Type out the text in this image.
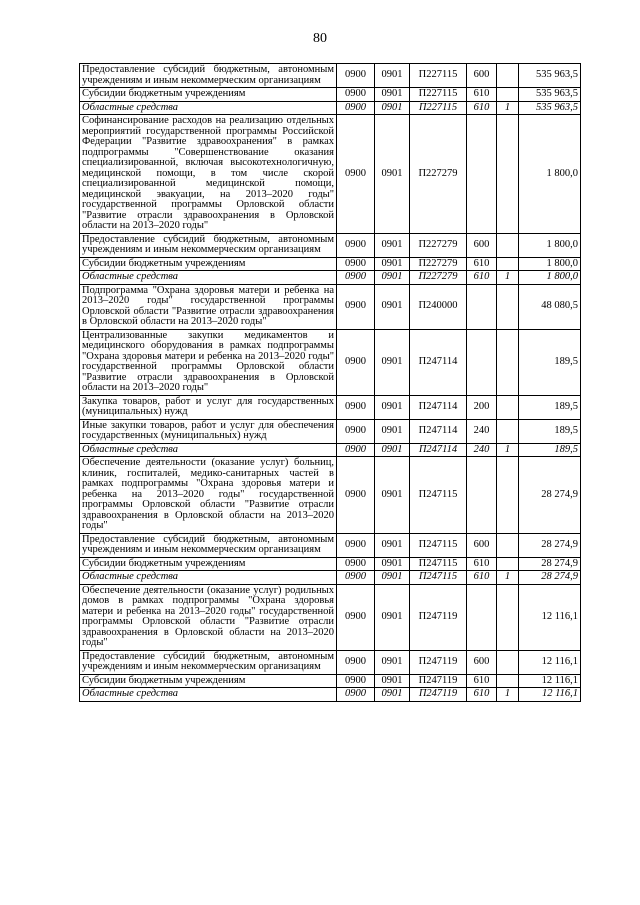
80
Предоставление субсидий бюджетным, автономным учреждениям и иным некоммерческим организациям	0900	0901	П227115	600		535 963,5
Субсидии бюджетным учреждениям	0900	0901	П227115	610		535 963,5
Областные средства	0900	0901	П227115	610	1	535 963,5
Софинансирование расходов на реализацию отдельных мероприятий государственной программы Российской Федерации "Развитие здравоохранения" в рамках подпрограммы "Совершенствование оказания специализированной, включая высокотехнологичную, медицинской помощи, в том числе скорой специализированной медицинской помощи, медицинской эвакуации, на 2013–2020 годы" государственной программы Орловской области "Развитие отрасли здравоохранения в Орловской области на 2013–2020 годы"	0900	0901	П227279			1 800,0
Предоставление субсидий бюджетным, автономным учреждениям и иным некоммерческим организациям	0900	0901	П227279	600		1 800,0
Субсидии бюджетным учреждениям	0900	0901	П227279	610		1 800,0
Областные средства	0900	0901	П227279	610	1	1 800,0
Подпрограмма "Охрана здоровья матери и ребенка на 2013–2020 годы" государственной программы Орловской области "Развитие отрасли здравоохранения в Орловской области на 2013–2020 годы"	0900	0901	П240000			48 080,5
Централизованные закупки медикаментов и медицинского оборудования в рамках подпрограммы "Охрана здоровья матери и ребенка на 2013–2020 годы" государственной программы Орловской области "Развитие отрасли здравоохранения в Орловской области на 2013–2020 годы"	0900	0901	П247114			189,5
Закупка товаров, работ и услуг для государственных (муниципальных) нужд	0900	0901	П247114	200		189,5
Иные закупки товаров, работ и услуг для обеспечения государственных (муниципальных) нужд	0900	0901	П247114	240		189,5
Областные средства	0900	0901	П247114	240	1	189,5
Обеспечение деятельности (оказание услуг) больниц, клиник, госпиталей, медико-санитарных частей в рамках подпрограммы "Охрана здоровья матери и ребенка на 2013–2020 годы" государственной программы Орловской области "Развитие отрасли здравоохранения в Орловской области на 2013–2020 годы"	0900	0901	П247115			28 274,9
Предоставление субсидий бюджетным, автономным учреждениям и иным некоммерческим организациям	0900	0901	П247115	600		28 274,9
Субсидии бюджетным учреждениям	0900	0901	П247115	610		28 274,9
Областные средства	0900	0901	П247115	610	1	28 274,9
Обеспечение деятельности (оказание услуг) родильных домов в рамках подпрограммы "Охрана здоровья матери и ребенка на 2013–2020 годы" государственной программы Орловской области "Развитие отрасли здравоохранения в Орловской области на 2013–2020 годы"	0900	0901	П247119			12 116,1
Предоставление субсидий бюджетным, автономным учреждениям и иным некоммерческим организациям	0900	0901	П247119	600		12 116,1
Субсидии бюджетным учреждениям	0900	0901	П247119	610		12 116,1
Областные средства	0900	0901	П247119	610	1	12 116,1
